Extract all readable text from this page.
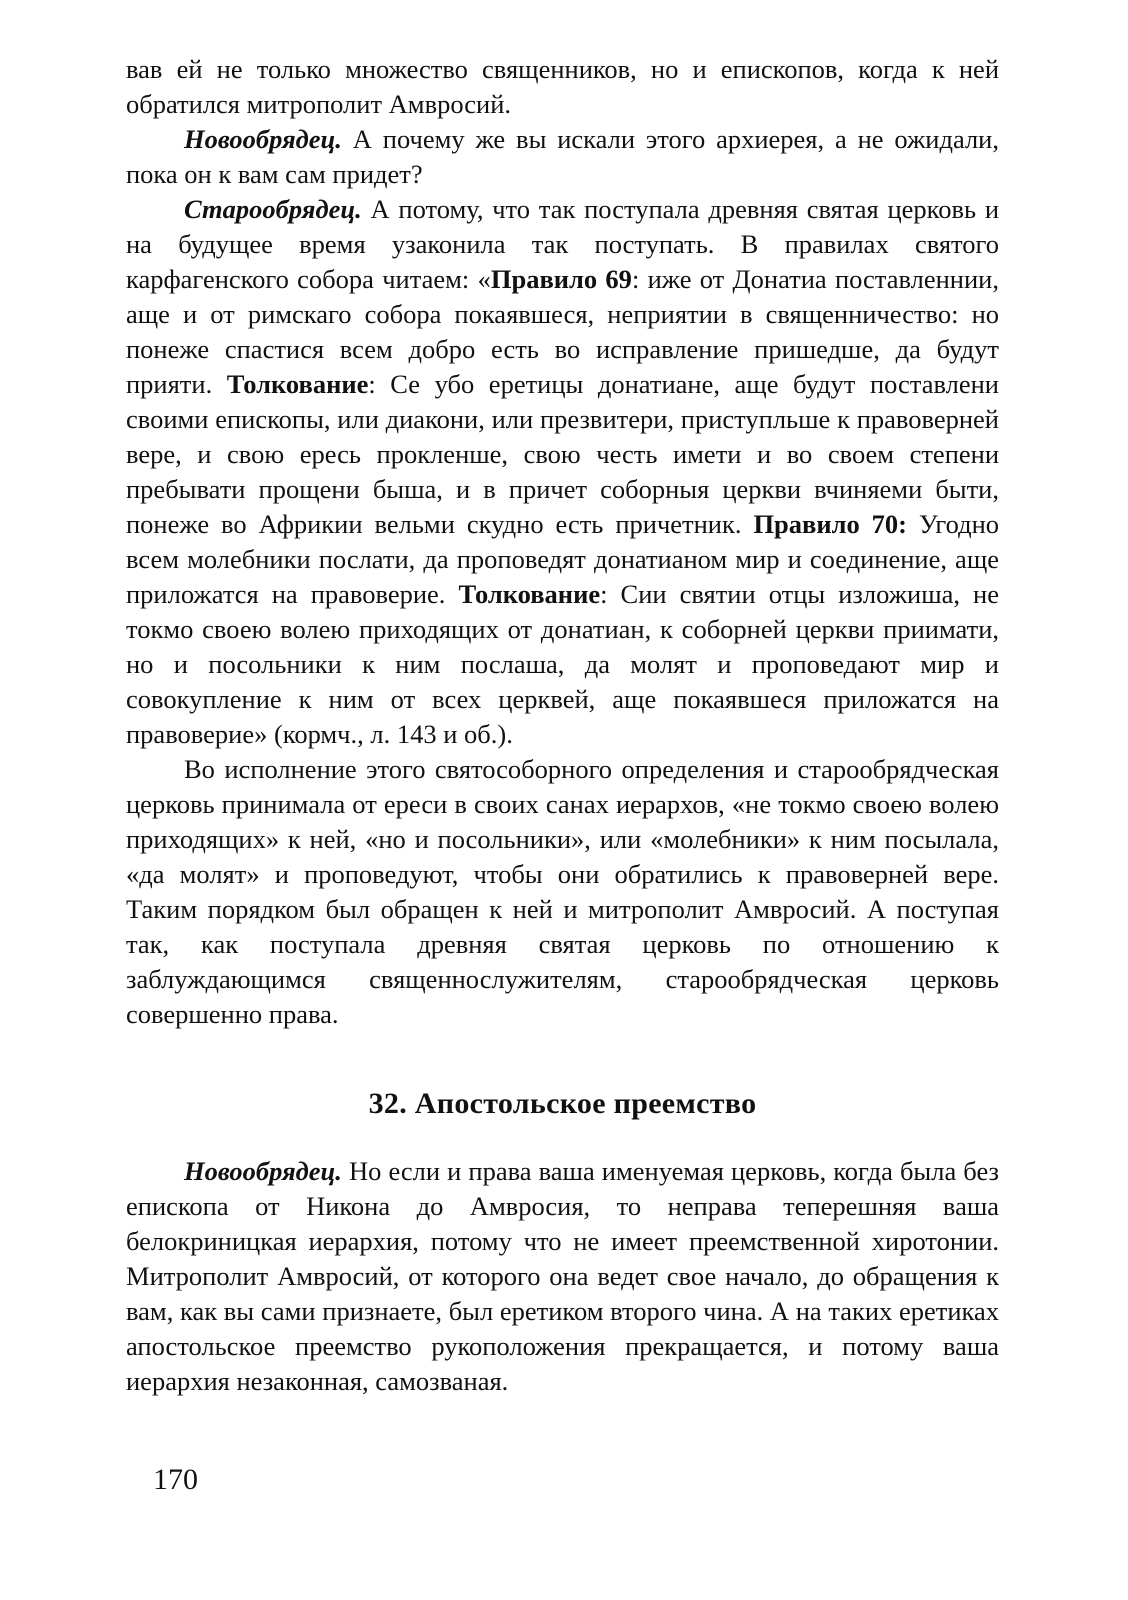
вав ей не только множество священников, но и епископов, когда к ней обратился митрополит Амвросий.

Новообрядец. А почему же вы искали этого архиерея, а не ожидали, пока он к вам сам придет?

Старообрядец. А потому, что так поступала древняя святая церковь и на будущее время узаконила так поступать. В правилах святого карфагенского собора читаем: «Правило 69: иже от Донатиа поставленнии, аще и от римскаго собора покаявшеся, неприятии в священничество: но понеже спастися всем добро есть во исправление пришедше, да будут прияти. Толкование: Се убо еретицы донатиане, аще будут поставлени своими епископы, или диакони, или презвитери, приступльше к правоверней вере, и свою ересь прокленше, свою честь имети и во своем степени пребывати прощени быша, и в причет соборныя церкви вчиняеми быти, понеже во Африкии вельми скудно есть причетник. Правило 70: Угодно всем молебники послати, да проповедят донатианом мир и соединение, аще приложатся на правоверие. Толкование: Сии святии отцы изложиша, не токмо своею волею приходящих от донатиан, к соборней церкви приимати, но и посольники к ним послаша, да молят и проповедают мир и совокупление к ним от всех церквей, аще покаявшеся приложатся на правоверие» (кормч., л. 143 и об.).

Во исполнение этого святособорного определения и старообрядческая церковь принимала от ереси в своих санах иерархов, «не токмо своею волею приходящих» к ней, «но и посольники», или «молебники» к ним посылала, «да молят» и проповедуют, чтобы они обратились к правоверней вере. Таким порядком был обращен к ней и митрополит Амвросий. А поступая так, как поступала древняя святая церковь по отношению к заблуждающимся священнослужителям, старообрядческая церковь совершенно права.

32. Апостольское преемство

Новообрядец. Но если и права ваша именуемая церковь, когда была без епископа от Никона до Амвросия, то неправа теперешняя ваша белокриницкая иерархия, потому что не имеет преемственной хиротонии. Митрополит Амвросий, от которого она ведет свое начало, до обращения к вам, как вы сами признаете, был еретиком второго чина. А на таких еретиках апостольское преемство рукоположения прекращается, и потому ваша иерархия незаконная, самозваная.

170
